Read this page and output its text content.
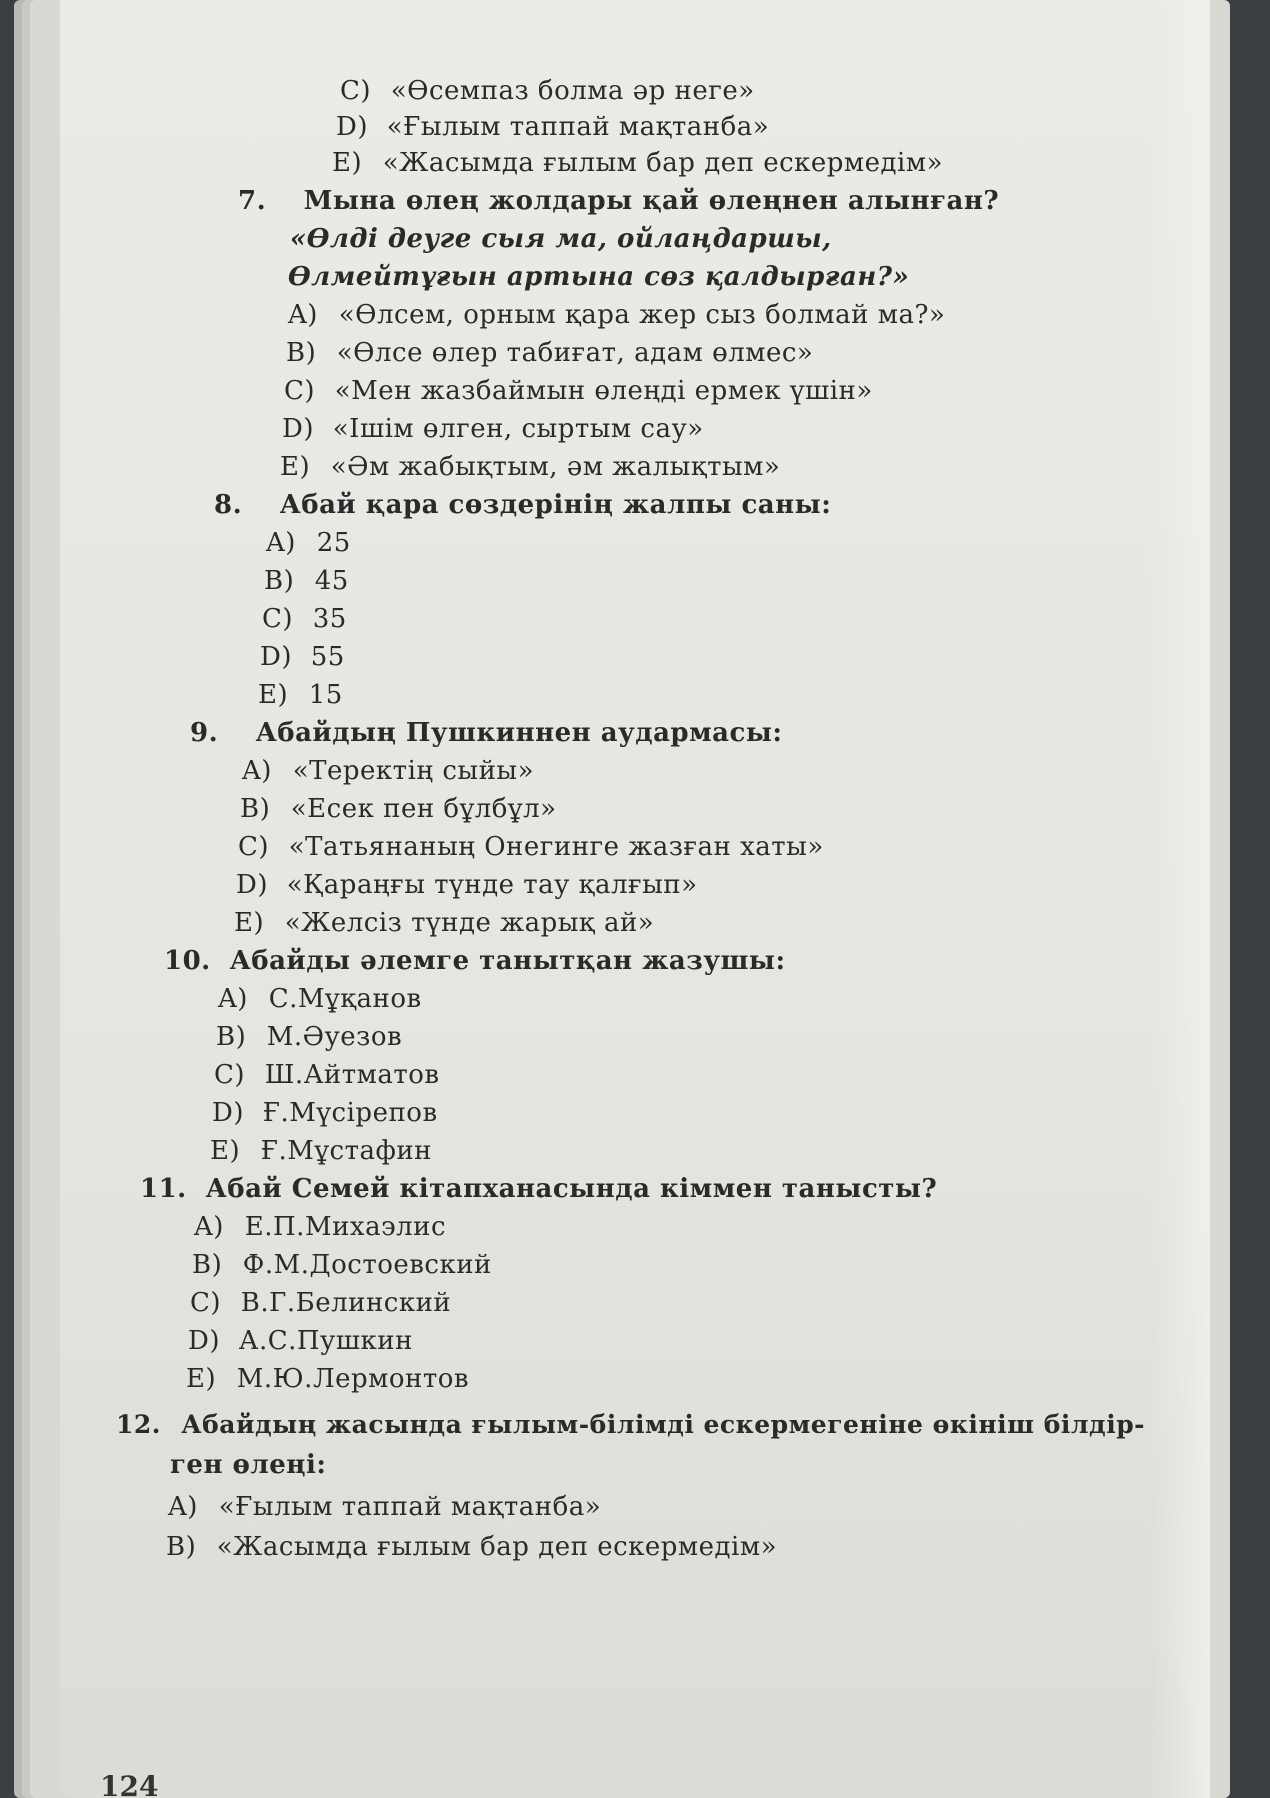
C) «Өсемпаз болма әр неге»
D) «Ғылым таппай мақтанба»
E) «Жасымда ғылым бар деп ескермедім»
7. Мына өлең жолдары қай өлеңнен алынған?
«Өлді деуге сыя ма, ойлаңдаршы,
Өлмейтұғын артына сөз қалдырған?»
A) «Өлсем, орным қара жер сыз болмай ма?»
B) «Өлсе өлер табиғат, адам өлмес»
C) «Мен жазбаймын өлеңді ермек үшін»
D) «Ішім өлген, сыртым сау»
E) «Әм жабықтым, әм жалықтым»
8. Абай қара сөздерінің жалпы саны:
A) 25
B) 45
C) 35
D) 55
E) 15
9. Абайдың Пушкиннен аудармасы:
A) «Теректің сыйы»
B) «Есек пен бұлбұл»
C) «Татьянаның Онегинге жазған хаты»
D) «Қараңғы түнде тау қалғып»
E) «Желсіз түнде жарық ай»
10. Абайды әлемге танытқан жазушы:
A) С.Мұқанов
B) М.Әуезов
C) Ш.Айтматов
D) Ғ.Мүсірепов
E) Ғ.Мұстафин
11. Абай Семей кітапханасында кіммен танысты?
A) Е.П.Михаэлис
B) Ф.М.Достоевский
C) В.Г.Белинский
D) А.С.Пушкин
E) М.Ю.Лермонтов
12. Абайдың жасында ғылым-білімді ескермегеніне өкініш білдір-
ген өлеңі:
A) «Ғылым таппай мақтанба»
B) «Жасымда ғылым бар деп ескермедім»
124
